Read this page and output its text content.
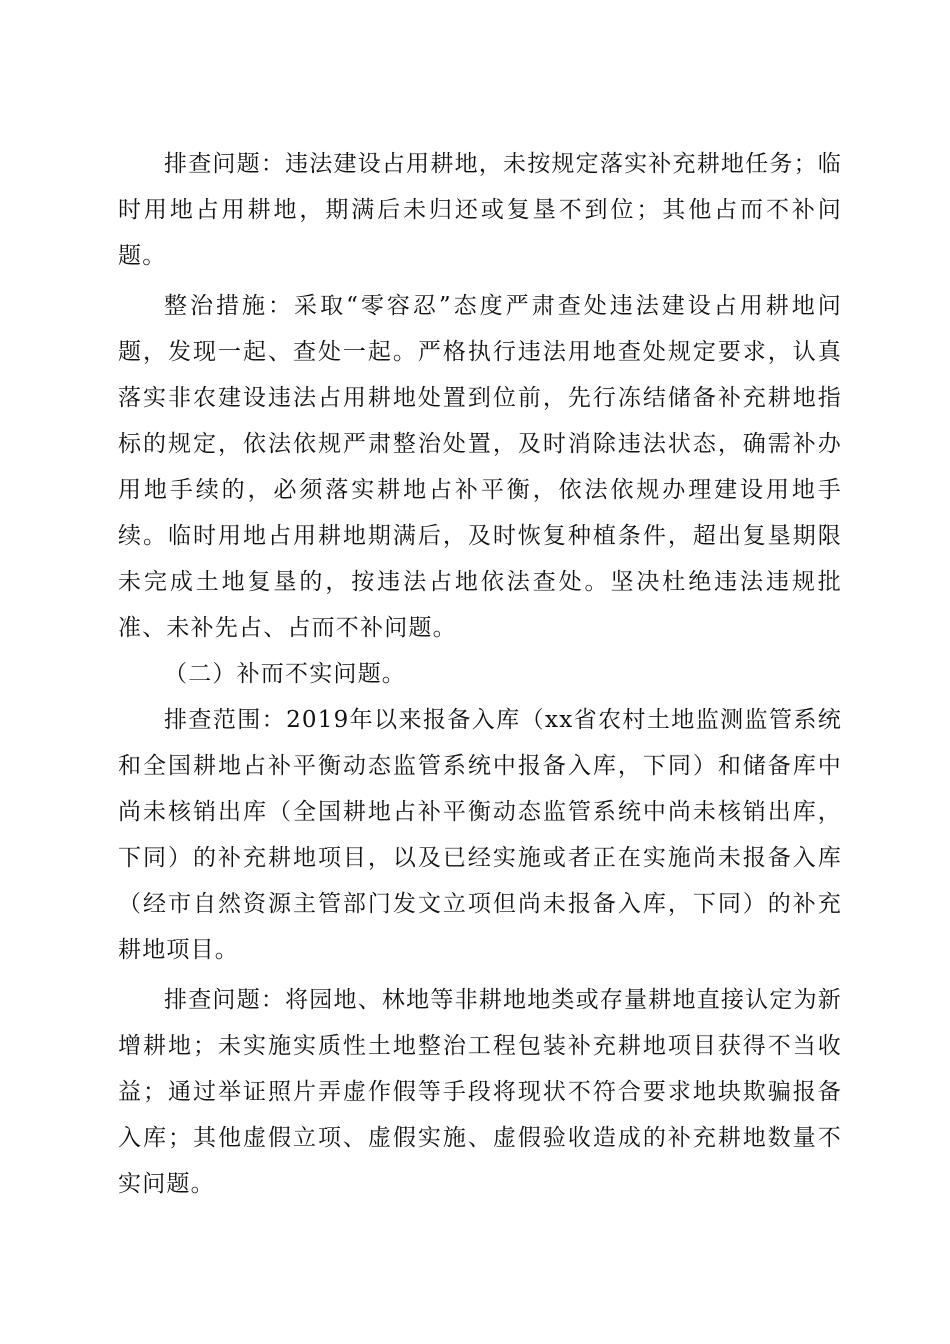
排查问题：违法建设占用耕地，未按规定落实补充耕地任务；临时用地占用耕地，期满后未归还或复垦不到位；其他占而不补问题。

整治措施：采取“零容忍”态度严肃查处违法建设占用耕地问题，发现一起、查处一起。严格执行违法用地查处规定要求，认真落实非农建设违法占用耕地处置到位前，先行冻结储备补充耕地指标的规定，依法依规严肃整治处置，及时消除违法状态，确需补办用地手续的，必须落实耕地占补平衡，依法依规办理建设用地手续。临时用地占用耕地期满后，及时恢复种植条件，超出复垦期限未完成土地复垦的，按违法占地依法查处。坚决杜绝违法违规批准、未补先占、占而不补问题。

（二）补而不实问题。

排查范围：2019年以来报备入库（xx省农村土地监测监管系统和全国耕地占补平衡动态监管系统中报备入库，下同）和储备库中尚未核销出库（全国耕地占补平衡动态监管系统中尚未核销出库，下同）的补充耕地项目，以及已经实施或者正在实施尚未报备入库（经市自然资源主管部门发文立项但尚未报备入库，下同）的补充耕地项目。

排查问题：将园地、林地等非耕地地类或存量耕地直接认定为新增耕地；未实施实质性土地整治工程包装补充耕地项目获得不当收益；通过举证照片弄虚作假等手段将现状不符合要求地块欺骗报备入库；其他虚假立项、虚假实施、虚假验收造成的补充耕地数量不实问题。
